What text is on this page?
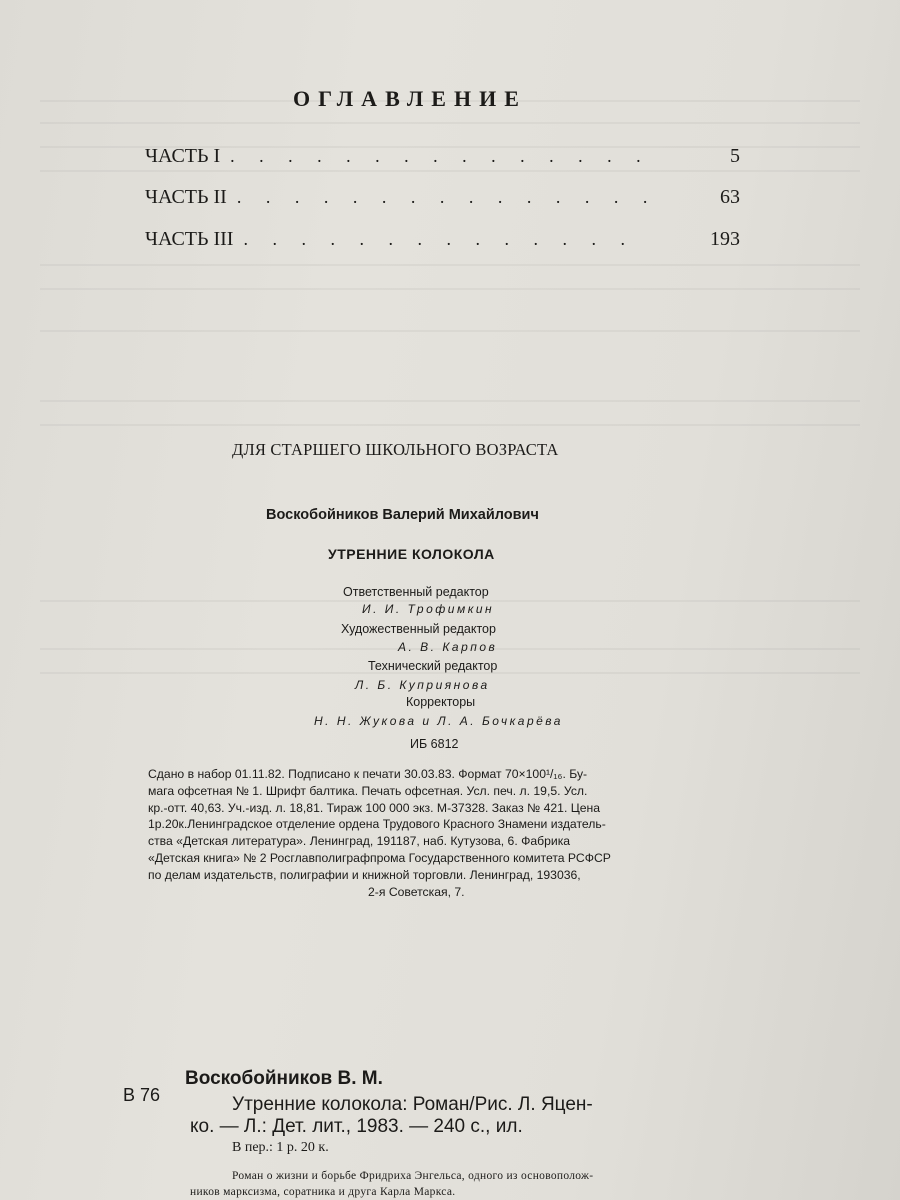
ОГЛАВЛЕНИЕ
ЧАСТЬ I . . . . . . . . . . . . . . .	5
ЧАСТЬ II . . . . . . . . . . . . . . .	63
ЧАСТЬ III . . . . . . . . . . . . . .	193
ДЛЯ СТАРШЕГО ШКОЛЬНОГО ВОЗРАСТА
Воскобойников Валерий Михайлович
УТРЕННИЕ КОЛОКОЛА
Ответственный редактор
И. И. Трофимкин
Художественный редактор
А. В. Карпов
Технический редактор
Л. Б. Куприянова
Корректоры
Н. Н. Жукова и Л. А. Бочкарёва
ИБ 6812
Сдано в набор 01.11.82. Подписано к печати 30.03.83. Формат 70×100¹/₁₆. Бу-
мага офсетная № 1. Шрифт балтика. Печать офсетная. Усл. печ. л. 19,5. Усл.
кр.-отт. 40,63. Уч.-изд. л. 18,81. Тираж 100 000 экз. М-37328. Заказ № 421. Цена
1р.20к.Ленинградское отделение ордена Трудового Красного Знамени издатель-
ства «Детская литература». Ленинград, 191187, наб. Кутузова, 6. Фабрика
«Детская книга» № 2 Росглавполиграфпрома Государственного комитета РСФСР
по делам издательств, полиграфии и книжной торговли. Ленинград, 193036,
2-я Советская, 7.
Воскобойников В. М.
В 76	Утренние колокола: Роман/Рис. Л. Яцен-
ко. — Л.: Дет. лит., 1983. — 240 с., ил.
В пер.: 1 р. 20 к.
Роман о жизни и борьбе Фридриха Энгельса, одного из основополож-
ников марксизма, соратника и друга Карла Маркса.
